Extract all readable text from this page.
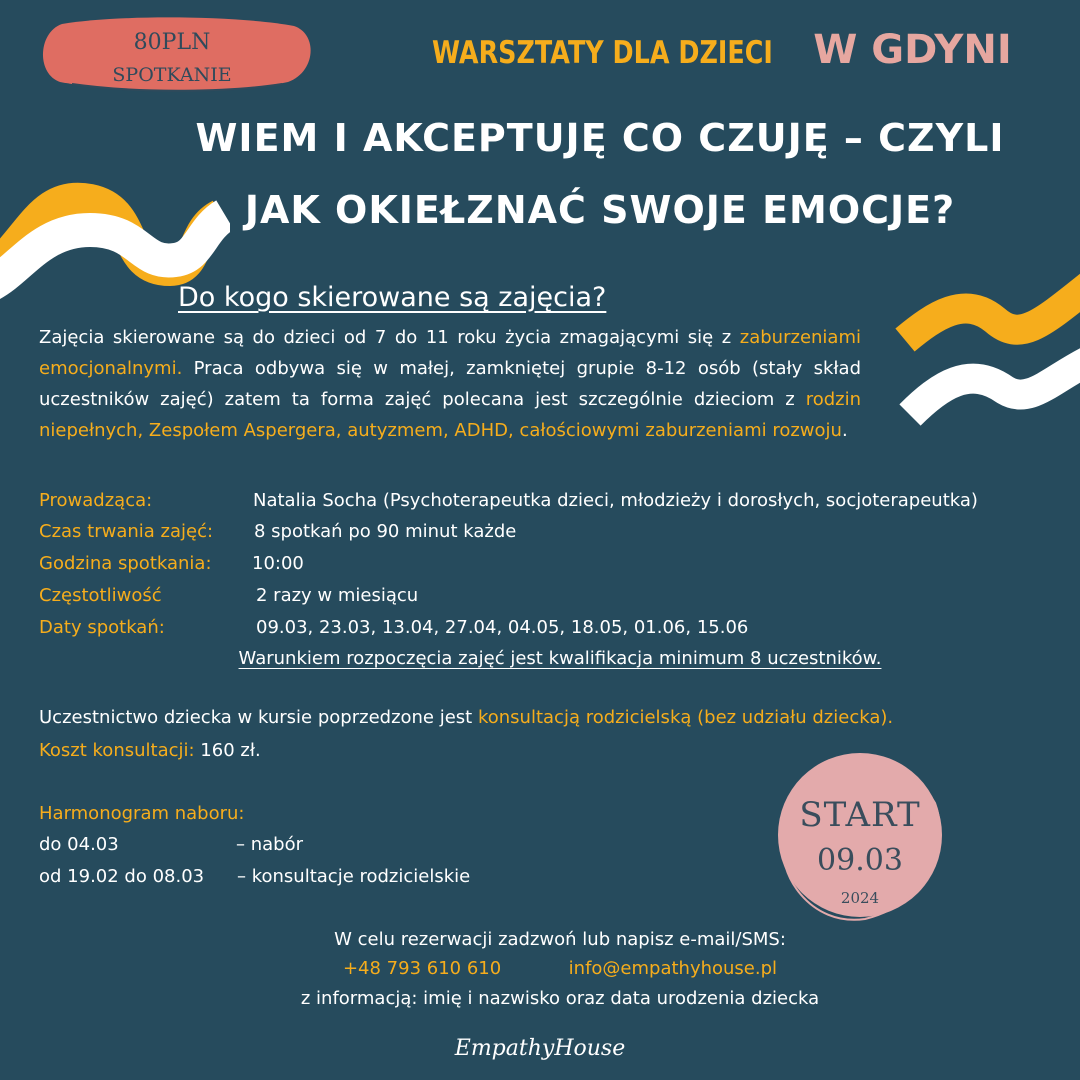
80PLN
SPOTKANIE
WARSZTATY DLA DZIECI W GDYNI
WIEM I AKCEPTUJĘ CO CZUJĘ – CZYLI
JAK OKIEŁZNAĆ SWOJE EMOCJE?
Do kogo skierowane są zajęcia?
Zajęcia skierowane są do dzieci od 7 do 11 roku życia zmagającymi się z zaburzeniami emocjonalnymi. Praca odbywa się w małej, zamkniętej grupie 8-12 osób (stały skład uczestników zajęć) zatem ta forma zajęć polecana jest szczególnie dzieciom z rodzin niepełnych, Zespołem Aspergera, autyzmem, ADHD, całościowymi zaburzeniami rozwoju.
Prowadząca:	Natalia Socha (Psychoterapeutka dzieci, młodzieży i dorosłych, socjoterapeutka)
Czas trwania zajęć: 8 spotkań po 90 minut każde
Godzina spotkania: 10:00
Częstotliwość	2 razy w miesiącu
Daty spotkań:	09.03, 23.03, 13.04, 27.04, 04.05, 18.05, 01.06, 15.06
Warunkiem rozpoczęcia zajęć jest kwalifikacja minimum 8 uczestników.
Uczestnictwo dziecka w kursie poprzedzone jest konsultacją rodzicielską (bez udziału dziecka).
Koszt konsultacji: 160 zł.
Harmonogram naboru:
do 04.03	– nabór
od 19.02 do 08.03 – konsultacje rodzicielskie
START
09.03
2024
W celu rezerwacji zadzwoń lub napisz e-mail/SMS:
+48 793 610 610	info@empathyhouse.pl
z informacją: imię i nazwisko oraz data urodzenia dziecka
EmpathyHouse
